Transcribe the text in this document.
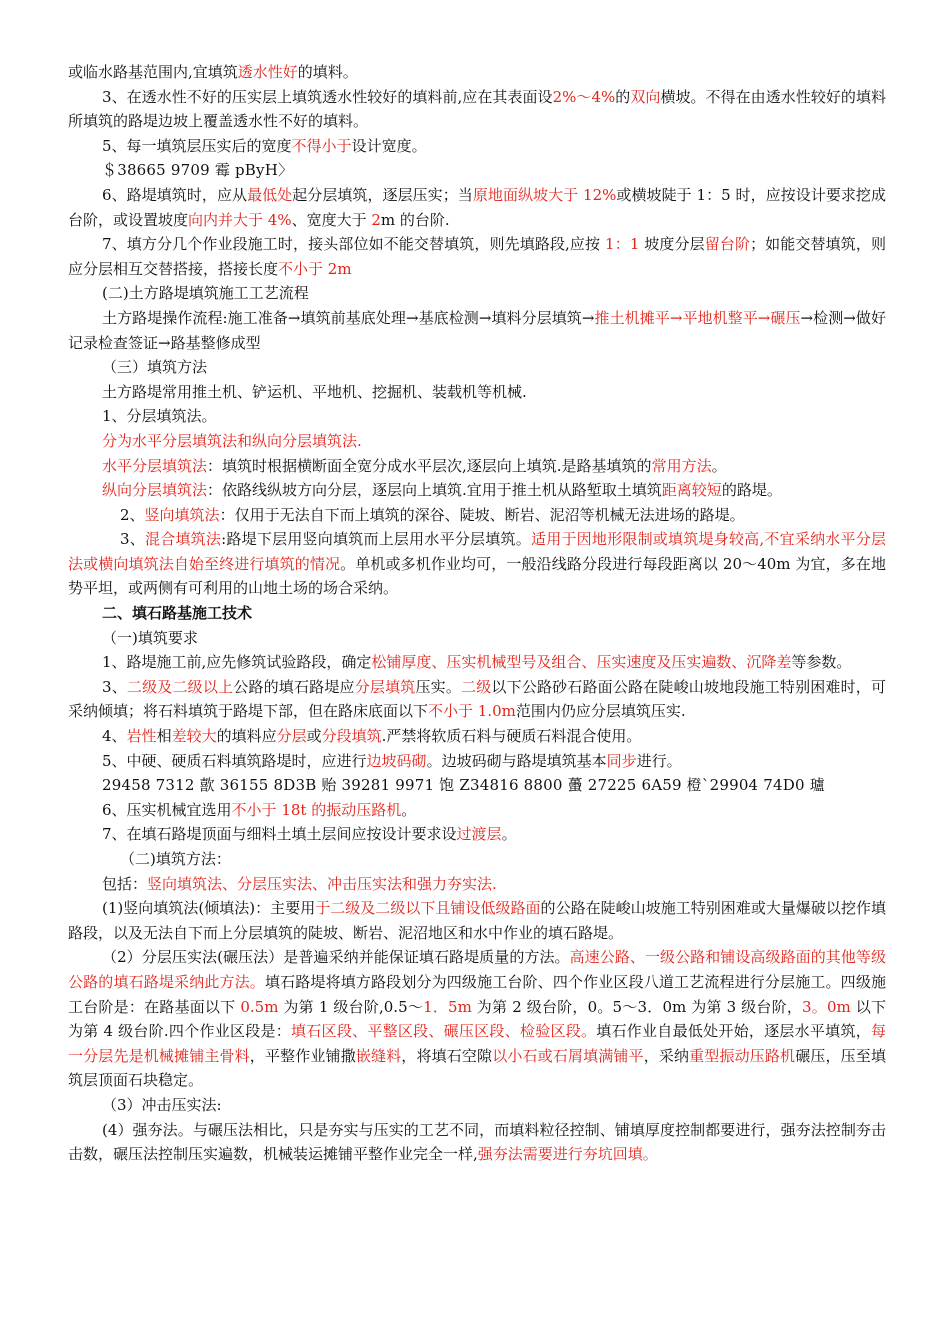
或临水路基范围内,宜填筑透水性好的填料。

3、在透水性不好的压实层上填筑透水性较好的填料前,应在其表面设2%～4%的双向横坡。不得在由透水性较好的填料所填筑的路堤边坡上覆盖透水性不好的填料。

5、每一填筑层压实后的宽度不得小于设计宽度。

＄38665 9709 霉 pByH〉

6、路堤填筑时，应从最低处起分层填筑，逐层压实；当原地面纵坡大于 12%或横坡陡于 1：5 时，应按设计要求挖成台阶，或设置坡度向内并大于 4%、宽度大于 2m 的台阶.

7、填方分几个作业段施工时，接头部位如不能交替填筑，则先填路段,应按 1：1 坡度分层留台阶；如能交替填筑，则应分层相互交替搭接，搭接长度不小于 2m

(二)土方路堤填筑施工工艺流程

土方路堤操作流程:施工准备→填筑前基底处理→基底检测→填料分层填筑→推土机摊平→平地机整平→碾压→检测→做好记录检查签证→路基整修成型

（三）填筑方法

土方路堤常用推土机、铲运机、平地机、挖掘机、装载机等机械.

1、分层填筑法。

分为水平分层填筑法和纵向分层填筑法.

水平分层填筑法：填筑时根据横断面全宽分成水平层次,逐层向上填筑.是路基填筑的常用方法。

纵向分层填筑法：依路线纵坡方向分层，逐层向上填筑.宜用于推土机从路堑取土填筑距离较短的路堤。

2、竖向填筑法：仅用于无法自下而上填筑的深谷、陡坡、断岩、泥沼等机械无法进场的路堤。

3、混合填筑法:路堤下层用竖向填筑而上层用水平分层填筑。适用于因地形限制或填筑堤身较高,不宜采纳水平分层法或横向填筑法自始至终进行填筑的情况。单机或多机作业均可，一般沿线路分段进行每段距离以 20～40m 为宜，多在地势平坦，或两侧有可利用的山地土场的场合采纳。

二、填石路基施工技术

（一)填筑要求

1、路堤施工前,应先修筑试验路段，确定松铺厚度、压实机械型号及组合、压实速度及压实遍数、沉降差等参数。

3、二级及二级以上公路的填石路堤应分层填筑压实。二级以下公路砂石路面公路在陡峻山坡地段施工特别困难时，可采纳倾填；将石料填筑于路堤下部，但在路床底面以下不小于 1.0m范围内仍应分层填筑压实.

4、岩性相差较大的填料应分层或分段填筑.严禁将软质石料与硬质石料混合使用。

5、中硬、硬质石料填筑路堤时，应进行边坡码砌。边坡码砌与路堤填筑基本同步进行。

29458 7312 歖 36155 8D3B 贻 39281 9971 饱 Z34816 8800 蠆 27225 6A59 橙`29904 74D0 瓐

6、压实机械宜选用不小于 18t 的振动压路机。

7、在填石路堤顶面与细料土填土层间应按设计要求设过渡层。

（二)填筑方法：

包括：竖向填筑法、分层压实法、冲击压实法和强力夯实法.

(1)竖向填筑法(倾填法)：主要用于二级及二级以下且铺设低级路面的公路在陡峻山坡施工特别困难或大量爆破以挖作填路段，以及无法自下而上分层填筑的陡坡、断岩、泥沼地区和水中作业的填石路堤。

（2）分层压实法(碾压法）是普遍采纳并能保证填石路堤质量的方法。高速公路、一级公路和铺设高级路面的其他等级公路的填石路堤采纳此方法。填石路堤将填方路段划分为四级施工台阶、四个作业区段八道工艺流程进行分层施工。四级施工台阶是：在路基面以下 0.5m 为第 1 级台阶,0.5～1．5m 为第 2 级台阶，0。5～3．0m 为第 3 级台阶，3。0m 以下为第 4 级台阶.四个作业区段是：填石区段、平整区段、碾压区段、检验区段。填石作业自最低处开始，逐层水平填筑，每一分层先是机械摊铺主骨料，平整作业铺撒嵌缝料，将填石空隙以小石或石屑填满铺平，采纳重型振动压路机碾压，压至填筑层顶面石块稳定。

（3）冲击压实法:

(4）强夯法。与碾压法相比，只是夯实与压实的工艺不同，而填料粒径控制、铺填厚度控制都要进行，强夯法控制夯击击数，碾压法控制压实遍数，机械装运摊铺平整作业完全一样,强夯法需要进行夯坑回填。
